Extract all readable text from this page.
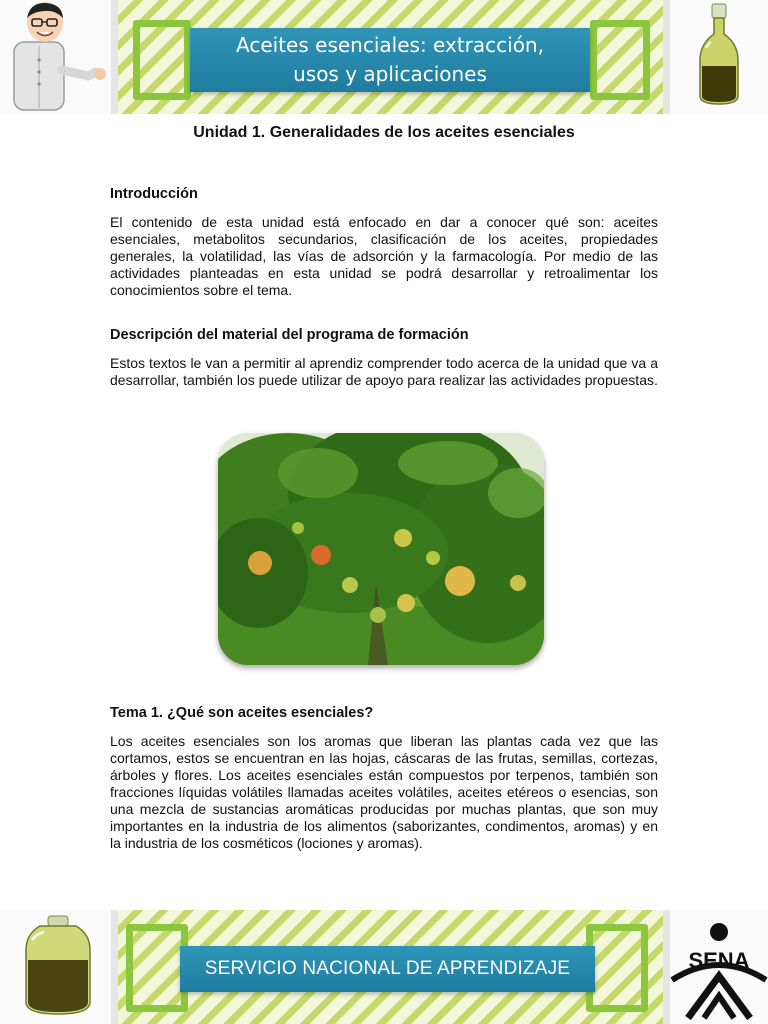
Aceites esenciales: extracción,
usos y aplicaciones
Unidad 1. Generalidades de los aceites esenciales
Introducción
El contenido de esta unidad está enfocado en dar a conocer qué son: aceites esenciales, metabolitos secundarios, clasificación de los aceites, propiedades generales, la volatilidad, las vías de adsorción y la farmacología. Por medio de las actividades planteadas en esta unidad se podrá desarrollar y retroalimentar los conocimientos sobre el tema.
Descripción del material del programa de formación
Estos textos le van a permitir al aprendiz comprender todo acerca de la unidad que va a desarrollar, también los puede utilizar de apoyo para realizar las actividades propuestas.
Tema 1. ¿Qué son aceites esenciales?
Los aceites esenciales son los aromas que liberan las plantas cada vez que las cortamos, estos se encuentran en las hojas, cáscaras de las frutas, semillas, cortezas, árboles y flores. Los aceites esenciales están compuestos por terpenos, también son fracciones líquidas volátiles llamadas aceites volátiles, aceites etéreos o esencias, son una mezcla de sustancias aromáticas producidas por muchas plantas, que son muy importantes en la industria de los alimentos (saborizantes, condimentos, aromas) y en la industria de los cosméticos (lociones y aromas).
SERVICIO NACIONAL DE APRENDIZAJE	SENA
